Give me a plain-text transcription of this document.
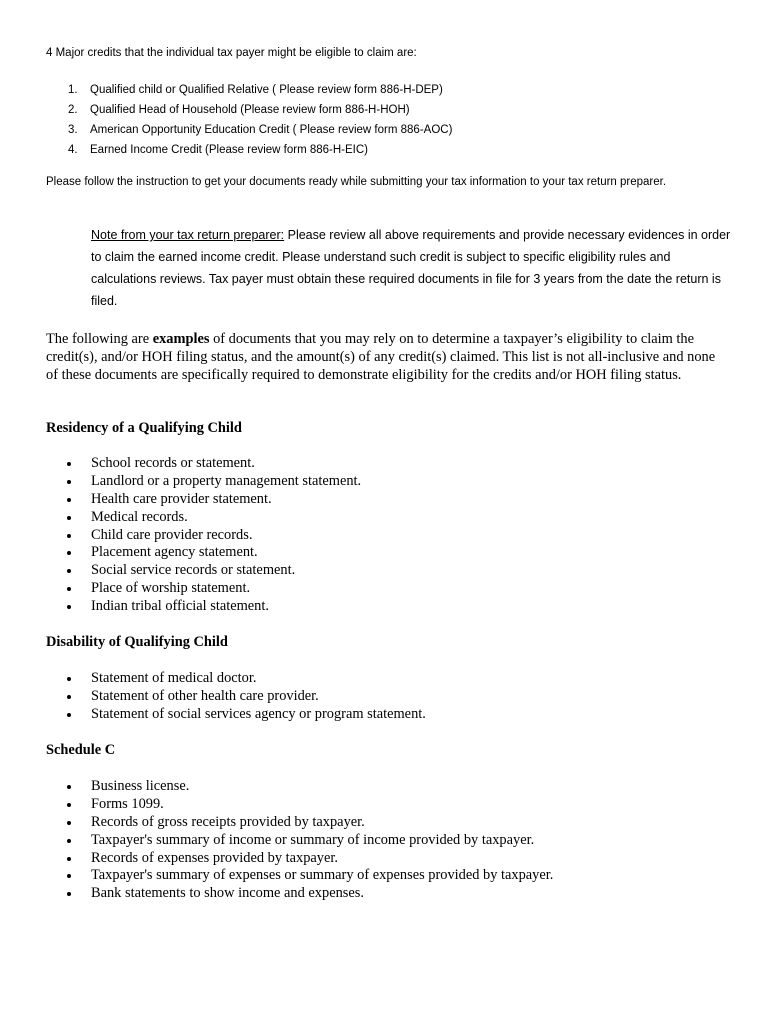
4 Major credits that the individual tax payer might be eligible to claim are:

1. Qualified child or Qualified Relative ( Please review form 886-H-DEP)
2. Qualified Head of Household (Please review form 886-H-HOH)
3. American Opportunity Education Credit ( Please review form 886-AOC)
4. Earned Income Credit (Please review form 886-H-EIC)

Please follow the instruction to get your documents ready while submitting your tax information to your tax return preparer.

Note from your tax return preparer: Please review all above requirements and provide necessary evidences in order to claim the earned income credit. Please understand such credit is subject to specific eligibility rules and calculations reviews. Tax payer must obtain these required documents in file for 3 years from the date the return is filed.

The following are examples of documents that you may rely on to determine a taxpayer’s eligibility to claim the credit(s), and/or HOH filing status, and the amount(s) of any credit(s) claimed. This list is not all-inclusive and none of these documents are specifically required to demonstrate eligibility for the credits and/or HOH filing status.

Residency of a Qualifying Child
School records or statement.
Landlord or a property management statement.
Health care provider statement.
Medical records.
Child care provider records.
Placement agency statement.
Social service records or statement.
Place of worship statement.
Indian tribal official statement.
Disability of Qualifying Child
Statement of medical doctor.
Statement of other health care provider.
Statement of social services agency or program statement.
Schedule C
Business license.
Forms 1099.
Records of gross receipts provided by taxpayer.
Taxpayer's summary of income or summary of income provided by taxpayer.
Records of expenses provided by taxpayer.
Taxpayer's summary of expenses or summary of expenses provided by taxpayer.
Bank statements to show income and expenses.
